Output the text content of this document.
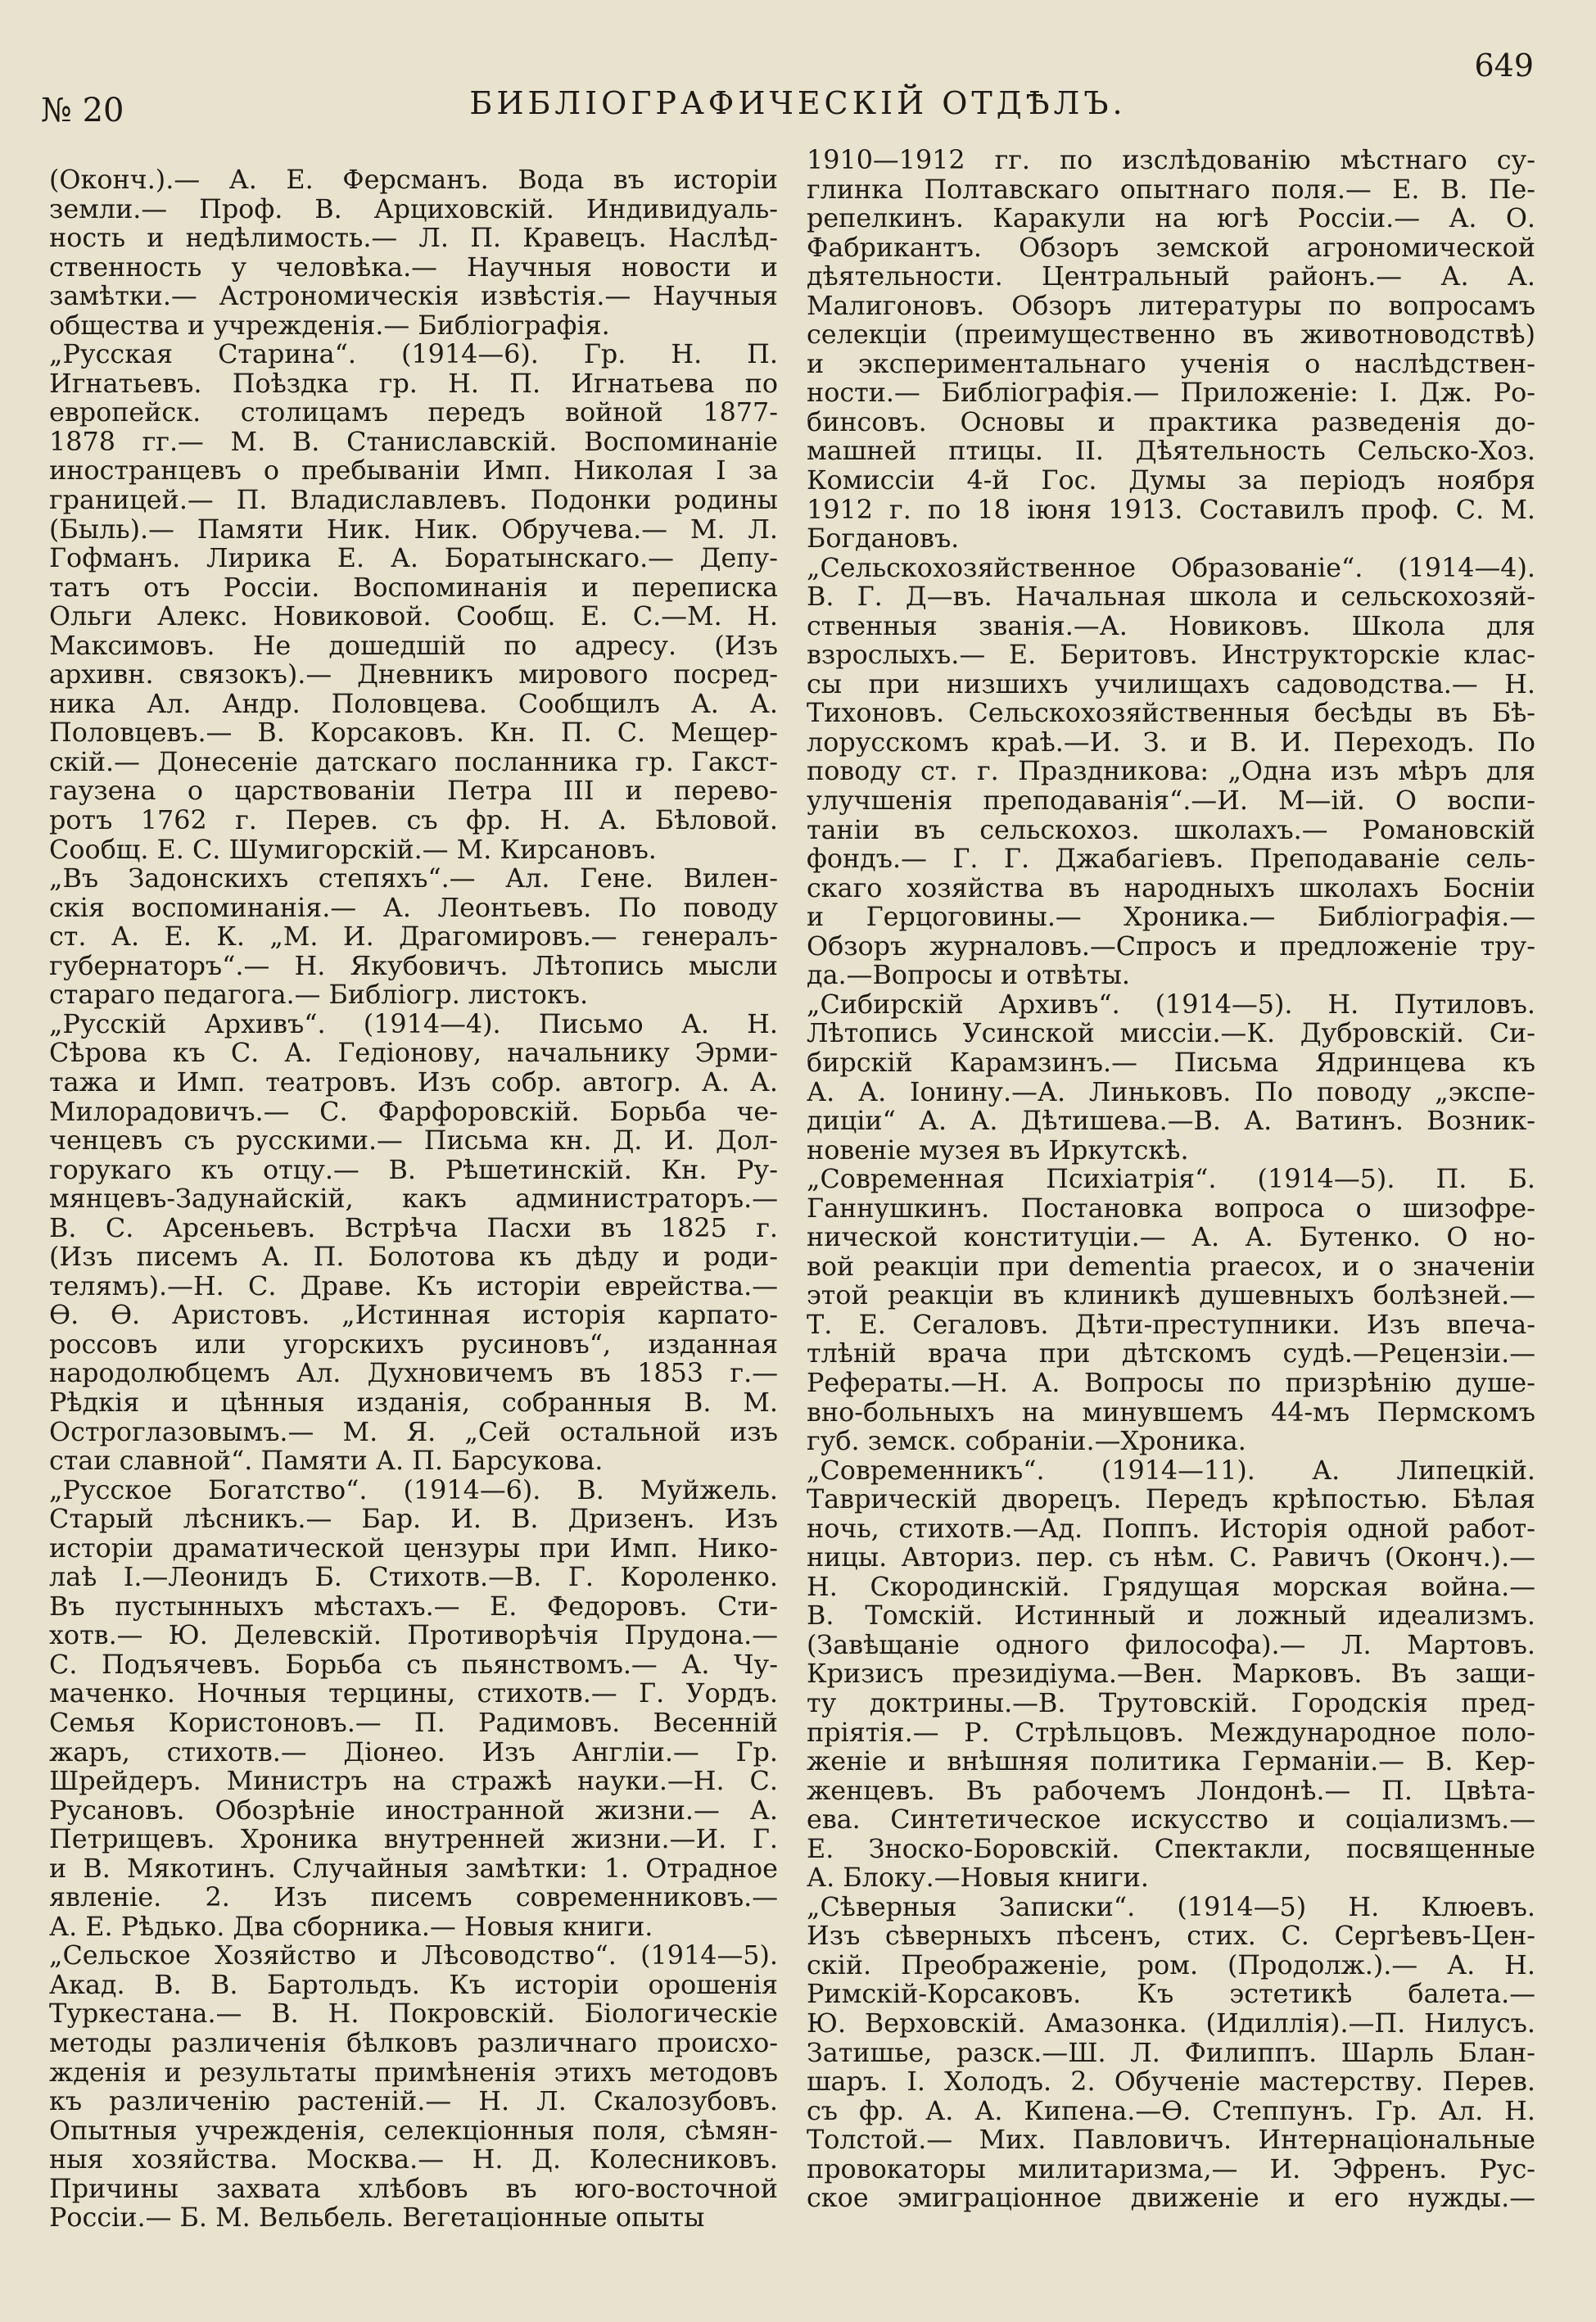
№ 20	БИБЛІОГРАФИЧЕСКІЙ ОТДѢЛЪ.
649
(Оконч.).— А. Е. Ферсманъ. Вода въ исторіи
земли.— Проф. В. Арциховскій. Индивидуаль-
ность и недѣлимость.— Л. П. Кравецъ. Наслѣд-
ственность у человѣка.— Научныя новости и
замѣтки.— Астрономическія извѣстія.— Научныя
общества и учрежденія.— Библіографія.
„Русская Старина“. (1914—6). Гр. Н. П.
Игнатьевъ. Поѣздка гр. Н. П. Игнатьева по
европейск. столицамъ передъ войной 1877-
1878 гг.— М. В. Станиславскій. Воспоминаніе
иностранцевъ о пребываніи Имп. Николая I за
границей.— П. Владиславлевъ. Подонки родины
(Быль).— Памяти Ник. Ник. Обручева.— М. Л.
Гофманъ. Лирика Е. А. Боратынскаго.— Депу-
татъ отъ Россіи. Воспоминанія и переписка
Ольги Алекс. Новиковой. Сообщ. Е. С.—М. Н.
Максимовъ. Не дошедшій по адресу. (Изъ
архивн. связокъ).— Дневникъ мирового посред-
ника Ал. Андр. Половцева. Сообщилъ А. А.
Половцевъ.— В. Корсаковъ. Кн. П. С. Мещер-
скій.— Донесеніе датскаго посланника гр. Гакст-
гаузена о царствованіи Петра III и перево-
ротъ 1762 г. Перев. съ фр. Н. А. Бѣловой.
Сообщ. Е. С. Шумигорскій.— М. Кирсановъ.
„Въ Задонскихъ степяхъ“.— Ал. Гене. Вилен-
скія воспоминанія.— А. Леонтьевъ. По поводу
ст. А. Е. К. „М. И. Драгомировъ.— генералъ-
губернаторъ“.— Н. Якубовичъ. Лѣтопись мысли
стараго педагога.— Библіогр. листокъ.
„Русскій Архивъ“. (1914—4). Письмо А. Н.
Сѣрова къ С. А. Гедіонову, начальнику Эрми-
тажа и Имп. театровъ. Изъ собр. автогр. А. А.
Милорадовичъ.— С. Фарфоровскій. Борьба че-
ченцевъ съ русскими.— Письма кн. Д. И. Дол-
горукаго къ отцу.— В. Рѣшетинскій. Кн. Ру-
мянцевъ-Задунайскій, какъ администраторъ.—
В. С. Арсеньевъ. Встрѣча Пасхи въ 1825 г.
(Изъ писемъ А. П. Болотова къ дѣду и роди-
телямъ).—Н. С. Драве. Къ исторіи еврейства.—
Ѳ. Ѳ. Аристовъ. „Истинная исторія карпато-
россовъ или угорскихъ русиновъ“, изданная
народолюбцемъ Ал. Духновичемъ въ 1853 г.—
Рѣдкія и цѣнныя изданія, собранныя В. М.
Остроглазовымъ.— М. Я. „Сей остальной изъ
стаи славной“. Памяти А. П. Барсукова.
„Русское Богатство“. (1914—6). В. Муйжель.
Старый лѣсникъ.— Бар. И. В. Дризенъ. Изъ
исторіи драматической цензуры при Имп. Нико-
лаѣ I.—Леонидъ Б. Стихотв.—В. Г. Короленко.
Въ пустынныхъ мѣстахъ.— Е. Федоровъ. Сти-
хотв.— Ю. Делевскій. Противорѣчія Прудона.—
С. Подъячевъ. Борьба съ пьянствомъ.— А. Чу-
маченко. Ночныя терцины, стихотв.— Г. Уордъ.
Семья Користоновъ.— П. Радимовъ. Весенній
жаръ, стихотв.— Діонео. Изъ Англіи.— Гр.
Шрейдеръ. Министръ на стражѣ науки.—Н. С.
Русановъ. Обозрѣніе иностранной жизни.— А.
Петрищевъ. Хроника внутренней жизни.—И. Г.
и В. Мякотинъ. Случайныя замѣтки: 1. Отрадное
явленіе. 2. Изъ писемъ современниковъ.—
А. Е. Рѣдько. Два сборника.— Новыя книги.
„Сельское Хозяйство и Лѣсоводство“. (1914—5).
Акад. В. В. Бартольдъ. Къ исторіи орошенія
Туркестана.— В. Н. Покровскій. Біологическіе
методы различенія бѣлковъ различнаго происхо-
жденія и результаты примѣненія этихъ методовъ
къ различенію растеній.— Н. Л. Скалозубовъ.
Опытныя учрежденія, селекціонныя поля, сѣмян-
ныя хозяйства. Москва.— Н. Д. Колесниковъ.
Причины захвата хлѣбовъ въ юго-восточной
Россіи.— Б. М. Вельбель. Вегетаціонные опыты
1910—1912 гг. по изслѣдованію мѣстнаго су-
глинка Полтавскаго опытнаго поля.— Е. В. Пе-
репелкинъ. Каракули на югѣ Россіи.— А. О.
Фабрикантъ. Обзоръ земской агрономической
дѣятельности. Центральный районъ.— А. А.
Малигоновъ. Обзоръ литературы по вопросамъ
селекціи (преимущественно въ животноводствѣ)
и экспериментальнаго ученія о наслѣдствен-
ности.— Библіографія.— Приложеніе: I. Дж. Ро-
бинсовъ. Основы и практика разведенія до-
машней птицы. II. Дѣятельность Сельско-Хоз.
Комиссіи 4-й Гос. Думы за періодъ ноября
1912 г. по 18 іюня 1913. Составилъ проф. С. М.
Богдановъ.
„Сельскохозяйственное Образованіе“. (1914—4).
В. Г. Д—въ. Начальная школа и сельскохозяй-
ственныя званія.—А. Новиковъ. Школа для
взрослыхъ.— Е. Беритовъ. Инструкторскіе клас-
сы при низшихъ училищахъ садоводства.— Н.
Тихоновъ. Сельскохозяйственныя бесѣды въ Бѣ-
лорусскомъ краѣ.—И. З. и В. И. Переходъ. По
поводу ст. г. Праздникова: „Одна изъ мѣръ для
улучшенія преподаванія“.—И. М—ій. О воспи-
таніи въ сельскохоз. школахъ.— Романовскій
фондъ.— Г. Г. Джабагіевъ. Преподаваніе сель-
скаго хозяйства въ народныхъ школахъ Босніи
и Герцоговины.— Хроника.— Библіографія.—
Обзоръ журналовъ.—Спросъ и предложеніе тру-
да.—Вопросы и отвѣты.
„Сибирскій Архивъ“. (1914—5). Н. Путиловъ.
Лѣтопись Усинской миссіи.—К. Дубровскій. Си-
бирскій Карамзинъ.— Письма Ядринцева къ
А. А. Іонину.—А. Линьковъ. По поводу „экспе-
диціи“ А. А. Дѣтишева.—В. А. Ватинъ. Возник-
новеніе музея въ Иркутскѣ.
„Современная Психіатрія“. (1914—5). П. Б.
Ганнушкинъ. Постановка вопроса о шизофре-
нической конституціи.— А. А. Бутенко. О но-
вой реакціи при dementia praecox, и о значеніи
этой реакціи въ клиникѣ душевныхъ болѣзней.—
Т. Е. Сегаловъ. Дѣти-преступники. Изъ впеча-
тлѣній врача при дѣтскомъ судѣ.—Рецензіи.—
Рефераты.—Н. А. Вопросы по призрѣнію душе-
вно-больныхъ на минувшемъ 44-мъ Пермскомъ
губ. земск. собраніи.—Хроника.
„Современникъ“. (1914—11). А. Липецкій.
Таврическій дворецъ. Передъ крѣпостью. Бѣлая
ночь, стихотв.—Ад. Поппъ. Исторія одной работ-
ницы. Авториз. пер. съ нѣм. С. Равичъ (Оконч.).—
Н. Скородинскій. Грядущая морская война.—
В. Томскій. Истинный и ложный идеализмъ.
(Завѣщаніе одного философа).— Л. Мартовъ.
Кризисъ президіума.—Вен. Марковъ. Въ защи-
ту доктрины.—В. Трутовскій. Городскія пред-
пріятія.— Р. Стрѣльцовъ. Международное поло-
женіе и внѣшняя политика Германіи.— В. Кер-
женцевъ. Въ рабочемъ Лондонѣ.— П. Цвѣта-
ева. Синтетическое искусство и соціализмъ.—
Е. Зноско-Боровскій. Спектакли, посвященные
А. Блоку.—Новыя книги.
„Сѣверныя Записки“. (1914—5) Н. Клюевъ.
Изъ сѣверныхъ пѣсенъ, стих. С. Сергѣевъ-Цен-
скій. Преображеніе, ром. (Продолж.).— А. Н.
Римскій-Корсаковъ. Къ эстетикѣ балета.—
Ю. Верховскій. Амазонка. (Идиллія).—П. Нилусъ.
Затишье, разск.—Ш. Л. Филиппъ. Шарль Блан-
шаръ. I. Холодъ. 2. Обученіе мастерству. Перев.
съ фр. А. А. Кипена.—Ѳ. Степпунъ. Гр. Ал. Н.
Толстой.— Мих. Павловичъ. Интернаціональные
провокаторы милитаризма,— И. Эфренъ. Рус-
ское эмиграціонное движеніе и его нужды.—
